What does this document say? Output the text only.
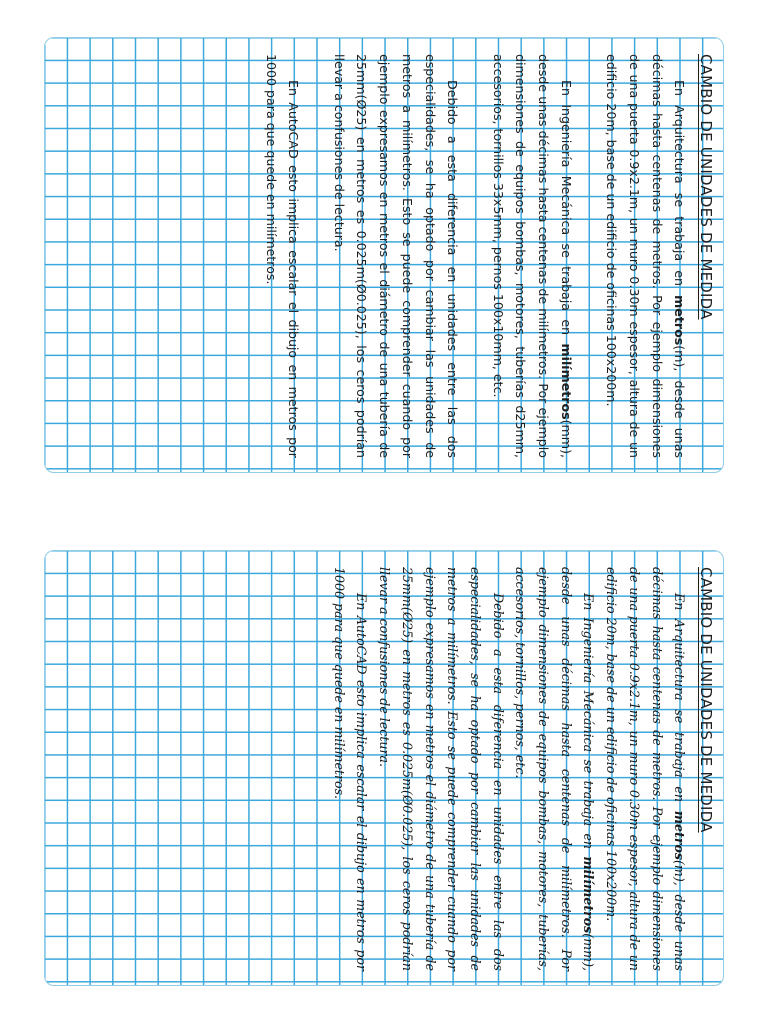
CAMBIO DE UNIDADES DE MEDIDA

En Arquitectura se trabaja en metros(m), desde unas décimas hasta centenas de metros. Por ejemplo dimensiones de una puerta 0.9x2.1m, un muro 0.30m espesor, altura de un edificio 20m, base de un edificio de oficinas 100x200m.

En Ingeniería Mecánica se trabaja en milímetros(mm), desde unas décimas hasta centenas de milímetros. Por ejemplo dimensiones de equipos bombas, motores, tuberías d25mm, accesorios, tornillos 33x5mm, pernos 100x10mm, etc.

Debido a esta diferencia en unidades entre las dos especialidades, se ha optado por cambiar las unidades de metros a milímetros. Esto se puede comprender cuando por ejemplo expresamos en metros el diámetro de una tubería de 25mm(Ø25) en metros es 0.025m(Ø0.025), los ceros podrían llevar a confusiones de lectura.

En AutoCAD esto implica escalar el dibujo en metros por 1000 para que quede en milímetros.

CAMBIO DE UNIDADES DE MEDIDA

En Arquitectura se trabaja en metros(m), desde unas décimas hasta centenas de metros. Por ejemplo dimensiones de una puerta 0.9x2.1m, un muro 0.30m espesor, altura de un edificio 20m, base de un edificio de oficinas 100x200m.

En Ingeniería Mecánica se trabaja en milímetros(mm), desde unas décimas hasta centenas de milímetros. Por ejemplo dimensiones de equipos bombas, motores, tuberías, accesorios, tornillos, pernos, etc.

Debido a esta diferencia en unidades entre las dos especialidades, se ha optado por cambiar las unidades de metros a milímetros. Esto se puede comprender cuando por ejemplo expresamos en metros el diámetro de una tubería de 25mm(Ø25) en metros es 0.025m(Ø0.025), los ceros podrían llevar a confusiones de lectura.

En AutoCAD esto implica escalar el dibujo en metros por 1000 para que quede en milímetros.
